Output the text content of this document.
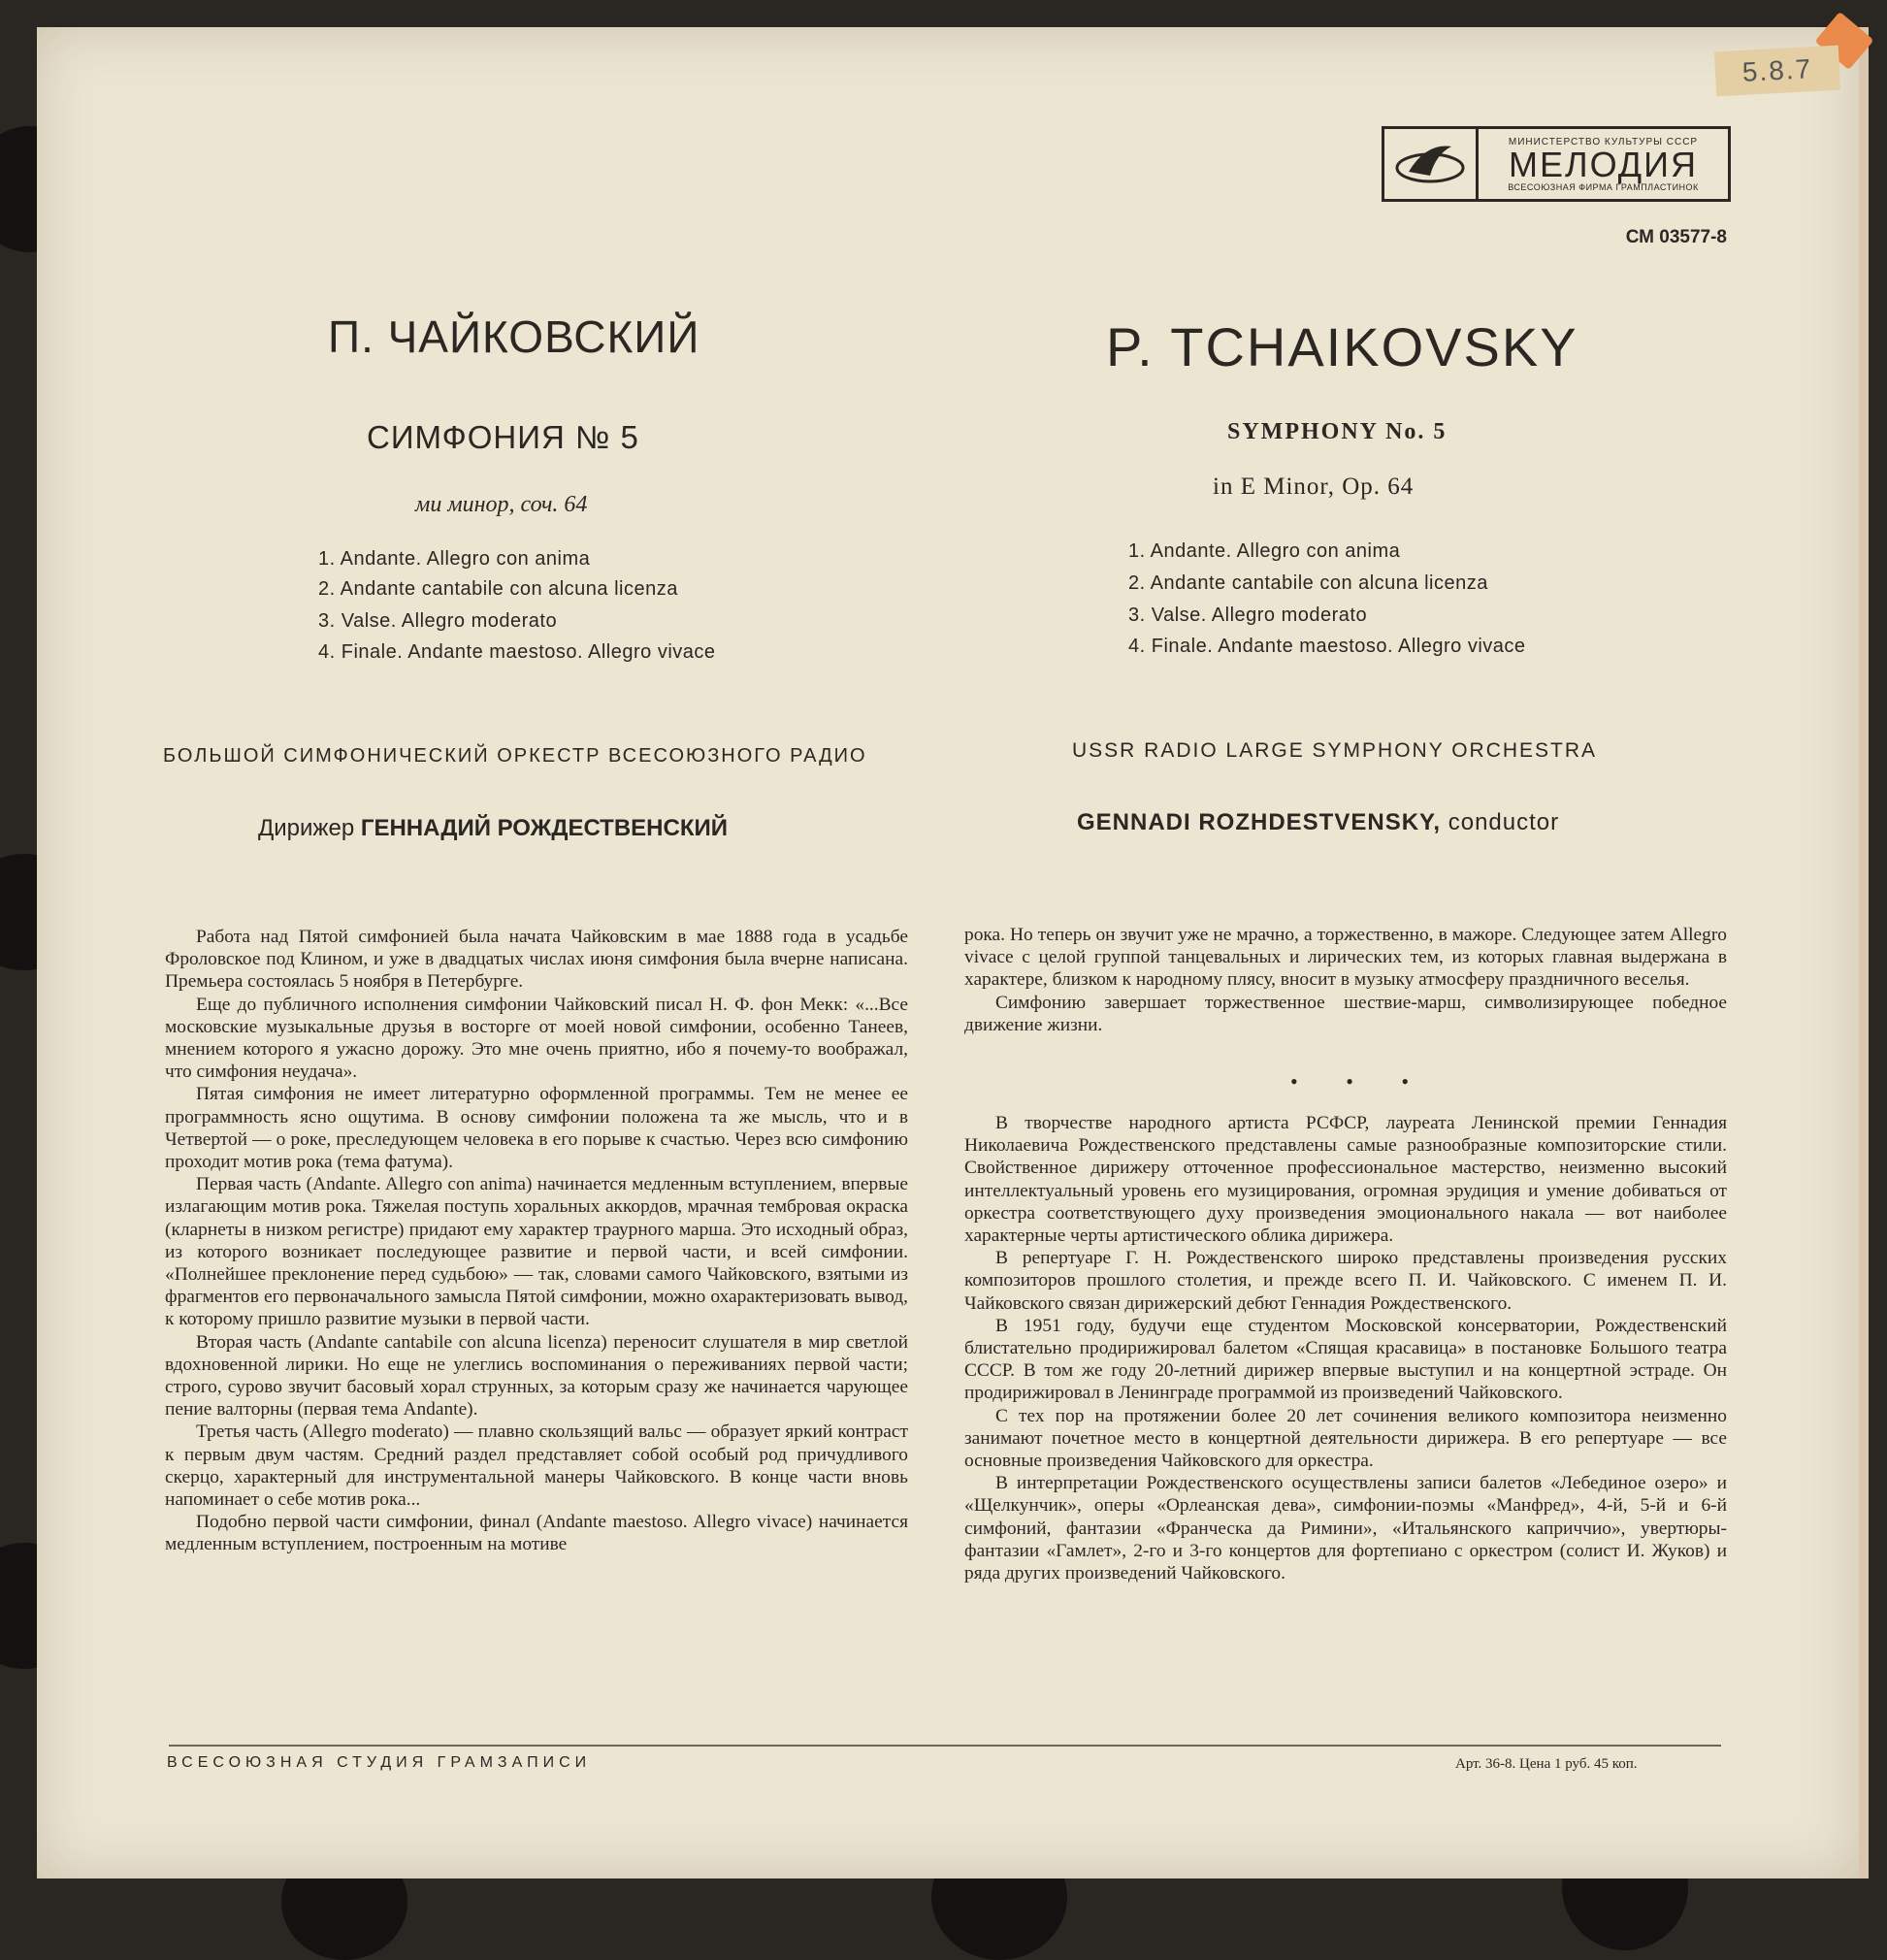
5.8.7
МИНИСТЕРСТВО КУЛЬТУРЫ СССР
МЕЛОДИЯ
ВСЕСОЮЗНАЯ ФИРМА ГРАМПЛАСТИНОК
СМ 03577-8
П. ЧАЙКОВСКИЙ	P. TCHAIKOVSKY
СИМФОНИЯ № 5	SYMPHONY No. 5
ми минор, соч. 64
in E Minor, Op. 64
1. Andante. Allegro con anima
2. Andante cantabile con alcuna licenza
3. Valse. Allegro moderato
4. Finale. Andante maestoso. Allegro vivace
1. Andante. Allegro con anima
2. Andante cantabile con alcuna licenza
3. Valse. Allegro moderato
4. Finale. Andante maestoso. Allegro vivace
БОЛЬШОЙ СИМФОНИЧЕСКИЙ ОРКЕСТР ВСЕСОЮЗНОГО РАДИО	USSR RADIO LARGE SYMPHONY ORCHESTRA
Дирижер ГЕННАДИЙ РОЖДЕСТВЕНСКИЙ	GENNADI ROZHDESTVENSKY, conductor

Работа над Пятой симфонией была начата Чайковским в мае 1888 года в усадьбе Фроловское под Клином, и уже в двадцатых числах июня симфония была вчерне написана. Премьера состоялась 5 ноября в Петербурге.

Еще до публичного исполнения симфонии Чайковский писал Н. Ф. фон Мекк: «...Все московские музыкальные друзья в восторге от моей новой симфонии, особенно Танеев, мнением которого я ужасно дорожу. Это мне очень приятно, ибо я почему-то воображал, что симфония неудача».

Пятая симфония не имеет литературно оформленной программы. Тем не менее ее программность ясно ощутима. В основу симфонии положена та же мысль, что и в Четвертой — о роке, преследующем человека в его порыве к счастью. Через всю симфонию проходит мотив рока (тема фатума).

Первая часть (Andante. Allegro con anima) начинается медленным вступлением, впервые излагающим мотив рока. Тяжелая поступь хоральных аккордов, мрачная тембровая окраска (кларнеты в низком регистре) придают ему характер траурного марша. Это исходный образ, из которого возникает последующее развитие и первой части, и всей симфонии. «Полнейшее преклонение перед судьбою» — так, словами самого Чайковского, взятыми из фрагментов его первоначального замысла Пятой симфонии, можно охарактеризовать вывод, к которому пришло развитие музыки в первой части.

Вторая часть (Andante cantabile con alcuna licenza) переносит слушателя в мир светлой вдохновенной лирики. Но еще не улеглись воспоминания о переживаниях первой части; строго, сурово звучит басовый хорал струнных, за которым сразу же начинается чарующее пение валторны (первая тема Andante).

Третья часть (Allegro moderato) — плавно скользящий вальс — образует яркий контраст к первым двум частям. Средний раздел представляет собой особый род причудливого скерцо, характерный для инструментальной манеры Чайковского. В конце части вновь напоминает о себе мотив рока...

Подобно первой части симфонии, финал (Andante maestoso. Allegro vivace) начинается медленным вступлением, построенным на мотиве

рока. Но теперь он звучит уже не мрачно, а торжественно, в мажоре. Следующее затем Allegro vivace с целой группой танцевальных и лирических тем, из которых главная выдержана в характере, близком к народному плясу, вносит в музыку атмосферу праздничного веселья.

Симфонию завершает торжественное шествие-марш, символизирующее победное движение жизни.

• • •

В творчестве народного артиста РСФСР, лауреата Ленинской премии Геннадия Николаевича Рождественского представлены самые разнообразные композиторские стили. Свойственное дирижеру отточенное профессиональное мастерство, неизменно высокий интеллектуальный уровень его музицирования, огромная эрудиция и умение добиваться от оркестра соответствующего духу произведения эмоционального накала — вот наиболее характерные черты артистического облика дирижера.

В репертуаре Г. Н. Рождественского широко представлены произведения русских композиторов прошлого столетия, и прежде всего П. И. Чайковского. С именем П. И. Чайковского связан дирижерский дебют Геннадия Рождественского.

В 1951 году, будучи еще студентом Московской консерватории, Рождественский блистательно продирижировал балетом «Спящая красавица» в постановке Большого театра СССР. В том же году 20-летний дирижер впервые выступил и на концертной эстраде. Он продирижировал в Ленинграде программой из произведений Чайковского.

С тех пор на протяжении более 20 лет сочинения великого композитора неизменно занимают почетное место в концертной деятельности дирижера. В его репертуаре — все основные произведения Чайковского для оркестра.

В интерпретации Рождественского осуществлены записи балетов «Лебединое озеро» и «Щелкунчик», оперы «Орлеанская дева», симфонии-поэмы «Манфред», 4-й, 5-й и 6-й симфоний, фантазии «Франческа да Римини», «Итальянского каприччио», увертюры-фантазии «Гамлет», 2-го и 3-го концертов для фортепиано с оркестром (солист И. Жуков) и ряда других произведений Чайковского.

ВСЕСОЮЗНАЯ СТУДИЯ ГРАМЗАПИСИ	Арт. 36-8. Цена 1 руб. 45 коп.
